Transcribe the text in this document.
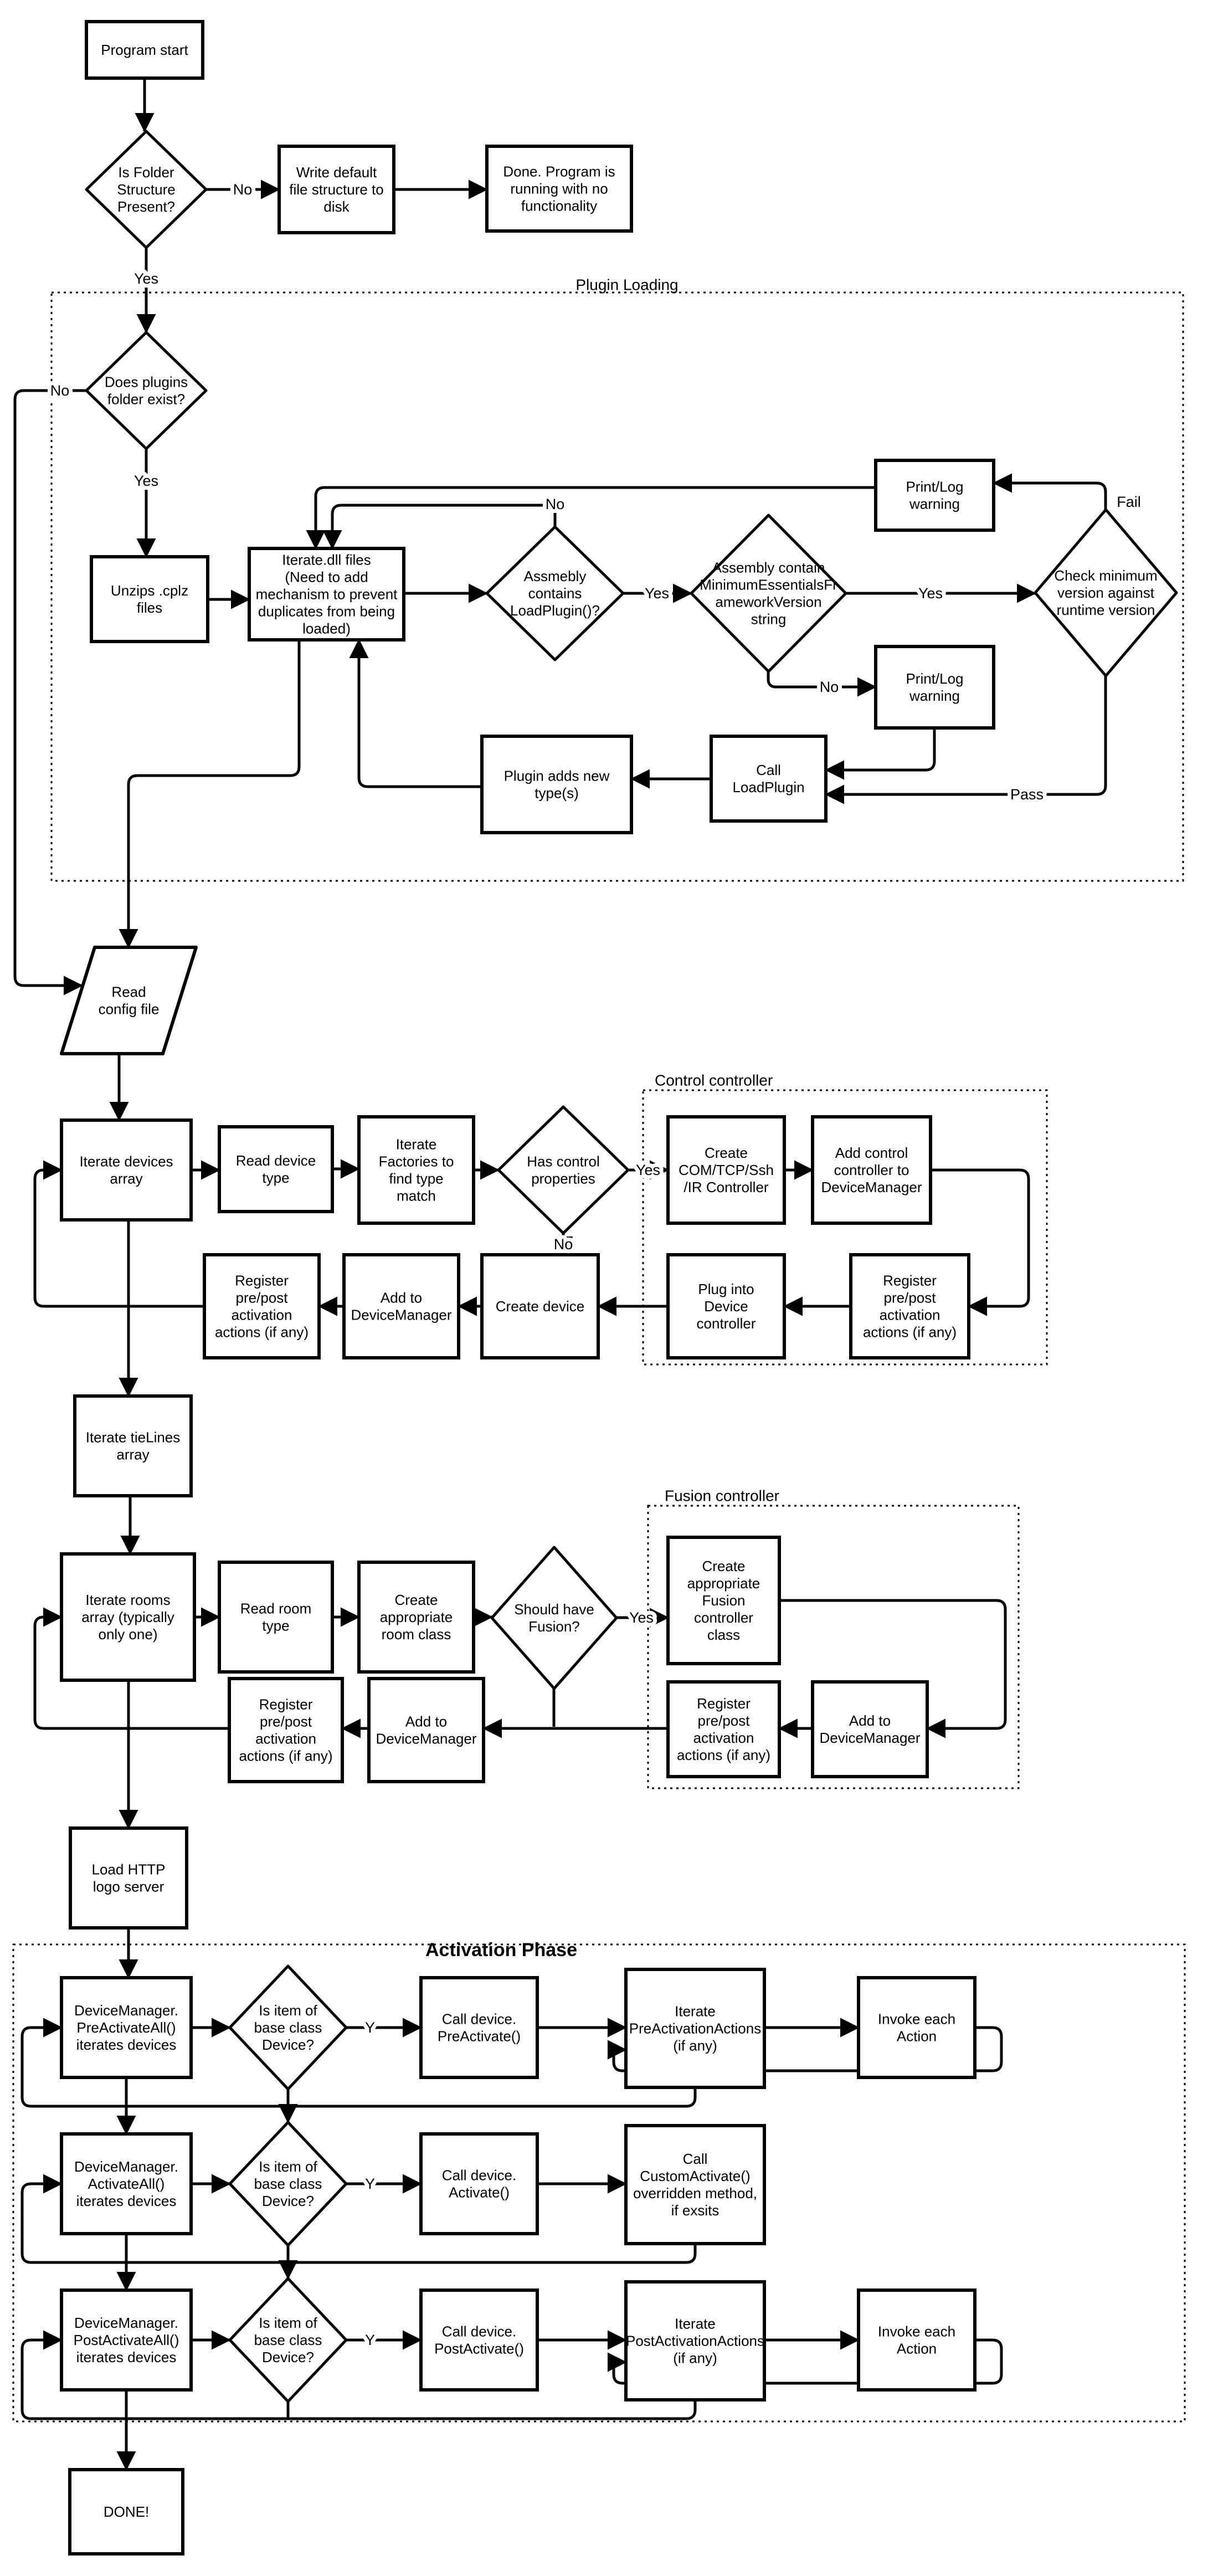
Program start
Is Folder
Structure
Present?
Write default
file structure to
disk
Done. Program is
running with no
functionality
Does plugins
folder exist?
Unzips .cplz
files
Iterate.dll files
(Need to add
mechanism to prevent
duplicates from being
loaded)
Assmebly
contains
LoadPlugin()?
Assembly contain
MinimumEssentialsFr
ameworkVersion
string
Check minimum
version against
runtime version
Print/Log
warning
Print/Log
warning
Call
LoadPlugin
Plugin adds new
type(s)
Read
config file
Iterate devices
array
Read device
type
Iterate
Factories to
find type
match
Has control
properties
Create
COM/TCP/Ssh
/IR Controller
Add control
controller to
DeviceManager
Register
pre/post
activation
actions (if any)
Plug into
Device
controller
Create device
Add to
DeviceManager
Register
pre/post
activation
actions (if any)
Iterate tieLines
array
Iterate rooms
array (typically
only one)
Read room
type
Create
appropriate
room class
Should have
Fusion?
Create
appropriate
Fusion
controller
class
Add to
DeviceManager
Register
pre/post
activation
actions (if any)
Register
pre/post
activation
actions (if any)
Add to
DeviceManager
Load HTTP
logo server
DeviceManager.
PreActivateAll()
iterates devices
Is item of
base class
Device?
Call device.
PreActivate()
Iterate
PreActivationActions
(if any)
Invoke each
Action
DeviceManager.
ActivateAll()
iterates devices
Is item of
base class
Device?
Call device.
Activate()
Call
CustomActivate()
overridden method,
if exsits
DeviceManager.
PostActivateAll()
iterates devices
Is item of
base class
Device?
Call device.
PostActivate()
Iterate
PostActivationActions
(if any)
Invoke each
Action
DONE!
No
Yes
No
Yes
No
Yes	Yes
Fail
No
Pass
Yes
No
Yes
Y
Y
Y
Plugin Loading
Control controller
Fusion controller
Activation Phase
